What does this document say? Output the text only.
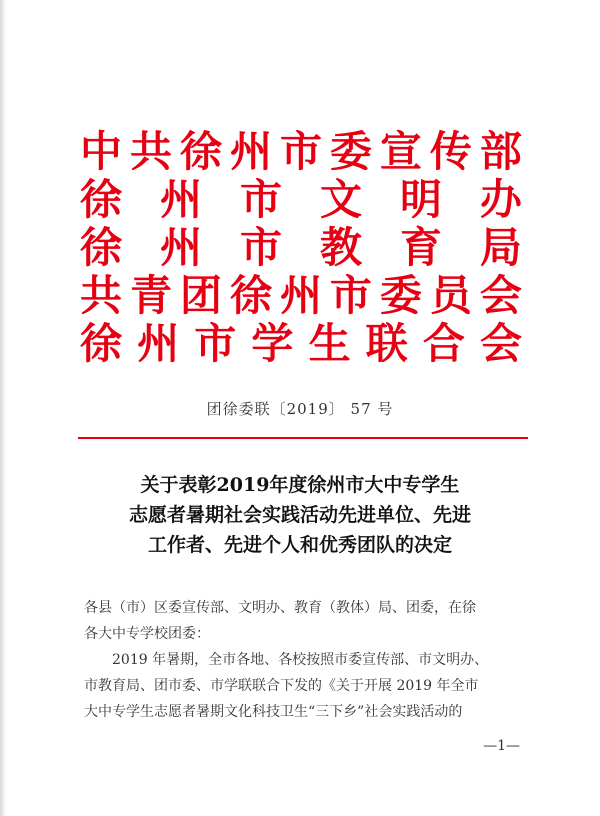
中 共 徐 州 市 委 宣 传 部
徐 州 市 文 明 办
徐 州 市 教 育 局
共 青 团 徐 州 市 委 员 会
徐 州 市 学 生 联 合 会
团徐委联〔2019〕 57 号
关于表彰2019年度徐州市大中专学生
志愿者暑期社会实践活动先进单位、先进
工作者、先进个人和优秀团队的决定

各县（市）区委宣传部、文明办、教育（教体）局、团委，在徐

各大中专学校团委：

2019 年暑期，全市各地、各校按照市委宣传部、市文明办、

市教育局、团市委、市学联联合下发的《关于开展 2019 年全市

大中专学生志愿者暑期文化科技卫生“三下乡”社会实践活动的

—1—
